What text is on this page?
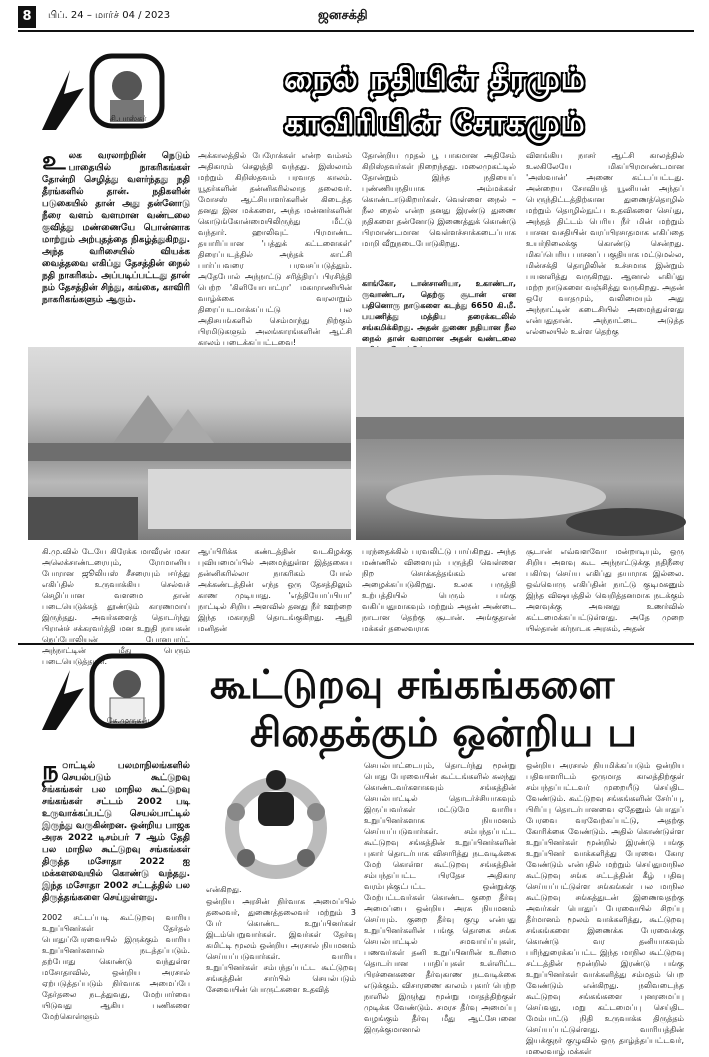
8	பிப். 24 – மார்ச் 04 / 2023	ஜனசக்தி
சி.பாஸ்கர்
நைல் நதியின் தீரமும்
காவிரியின் சோகமும்
உலக வரலாற்றின் நெடும் பாதையில் நாகரிகங்கள் தோன்றி செழித்து வளர்ந்தது நதி தீரங்களில் தான். நதிகளின் படுகையில் தான் அது தன்னோடு நீரை வளம் வளமான வண்டலை குவித்து மண்ணையே பொன்னாக மாற்றும் அற்புதத்தை நிகழ்த்துகிறது. அந்த வரிசையில் வியக்க வைத்தவை எகிப்து தேசத்தின் நைல் நதி நாகரிகம். அப்படிப்பட்டது தான் நம் தேசத்தின் சிந்து, கங்கை, காவிரி நாகரிகங்களும் ஆகும்.
அக்காலத்தில் பேரோக்கள் என்ற வம்சம் அதிகாரம் செலுத்தி வந்தது. இஸ்லாம் மற்றும் கிறிஸ்தவம் பரவாத காலம். யூதர்களின் தன்னிகரில்லாத தலைவர். மோசஸ் ஆட்சியாளர்களின் கிடைத்த தனது இன மக்களை, அந்த மன்னர்களின் கொடுங்கோன்மையிலிருந்து மீட்டு வந்தார். ஹாலிவுட் பிரமாண்ட தயாரிப்பான 'பத்துக் கட்டளைகள்' திரைப்படத்தில் அந்தக் காட்சி பார்ப்பவரை பரவசப்படுத்தும். அதேபோல் அந்நாட்டு சரித்திரப் பிரசித்தி பெற்ற 'கிளியோபாட்ரா' மகாராணியின் வாழ்க்கை வரலாறும் திரைப்படமாக்கப்பட்டு பல அதிசயங்களில் செம்மாந்து நிற்கும் பிரமிடுகளும் அலங்காரங்களின் ஆட்சி காலம் படைக்கப்பட்டவை!
தோன்றிய முதல் பூ பாகமான அதிசேம் கிறிஸ்தவர்கள் நிறைந்தது. மலைமுகட்டில் தோன்றும் இந்த நதியைப் புண்ணியநதியாக அம்மக்கள் கொண்டாடுகிறார்கள். வெள்ளை நைல் – நீல நைல் என்ற தனது இரண்டு துணை நதிகளை தன்னோடு இணைத்துக் கொண்டு பிரமாண்டமான வெள்ளச்சாக்கடைப்பாக மாறி வீறுநடைபோடுகிறது.
காங்கோ, டான்சானியா, உகாண்டா, ருவாண்டா, தெற்கு சூடான் என பதினொரு நாடுகளை கடந்து 6650 கி.மீ. பயணித்து மத்திய தரைக்கடலில் சங்கமிக்கிறது. அதன் துணை நதியான நீல நைல் தான் வளமான அதன் வண்டலை
விளங்கிய நாசர் ஆட்சி காலத்தில் உலகிலேயே மிகப்பிரமாண்டமான 'அஸ்வான்' அணை கட்டப்பட்டது. அன்றைய சோவியத் யூனியன் அந்தப் பெருந்திட்டத்திற்கான துணைத்தொழில் மற்றும் தொழில்நுட்ப உதவிகளை செய்து, அந்தத் திட்டம் பெரிய நீர் மின் மற்றும் பாசன வசதியின் வரப்பிரசாதமாக எகிப்தை உயர்நிலைக்கு கொண்டு சென்றது. மிகப்பெரிய பாசனப் பகுதியாக மட்டுமல்ல, மின்சக்தி தொழிலின் உச்சமாக இன்றும் பயனளித்து வருகிறது. ஆனால் எகிப்து மற்ற நாடுகளை வஞ்சித்து வருகிறது. அதன் ஒரே வாதமும், வலிமையும் அது அந்நாட்டின் கடைசியில் அமைந்துள்ளது என்பதுதான். அந்நாட்டை அடுத்த எல்லையில் உள்ள தெற்கு
கி.மு.வில் டேயே கிரேக்க மாவீரன் மகா அலெக்சாண்டரையும், ரோமானிய போரான ஜூலியஸ் சீசரையும் ஈர்த்து எகிப்தில் உருவாக்கிய செல்வச் செழிப்பான வளமை தான் படையெடுக்கத் தூண்டும் காரணமாய் இருந்தது. அவர்களைத் தொடர்ந்து பிரான்ச் சக்கரவர்த்தி மன உறுதி நாயகன் நெப்போலியன் போனபார்ட் அந்நாட்டின் மீது பெரும் படையெடுத்தான்.
ஆப்பிரிக்க கண்டத்தின் வடகிழக்கு புவியமைப்பில் அமைந்துள்ள இத்தகைய தன்னிகரில்லா நாகரிகம் போல் அக்கண்டத்தின் எந்த ஒரு தேசத்திலும் காண முடியாது. 'எத்தியோப்பியா' நாட்டில் சிறிய அளவில் தனது நீர் ஊற்றை இந்த மகாநதி தொடங்குகிறது. ஆதி மனிதன்
பரந்தைக்கில் பரவலிட்டு பாய்கிறது. அந்த மண்ணில் விளையும் பருத்தி வெள்ளை நிற சொக்கத்தங்கம் என அழைக்கப்படுகிறது. உலக பருத்தி உற்பத்தியில் பெரும் பங்கு வகிப்பதுமாகவும் மற்றும் அதன் அண்டை நாடான தெற்கு சூடான். அங்குதான் மக்கள் தலைவராக
சூடான் எவ்வளவோ மன்றாடியும், ஒரு சிறிய அளவு கூட அந்நாட்டுக்கு நதிநீரை பகிர்வு செய்ய எகிப்து தயாராக இல்லை. ஒவ்வொரு எகிப்தின் நாட்டு குடிமகனும் இந்த விஷயத்தில் வெறித்தனமாக நடக்கும் அளவுக்கு அவனது உணர்வில் கட்டமைக்கப்பட்டுள்ளது. அதே முறை யில்தான் கர்நாடக அரசும், அதன்
கே.முருகன்
கூட்டுறவு சங்கங்களை
சிதைக்கும் ஒன்றிய ப
ந ாட்டில் பலமாநிலங்களில் செயல்படும் கூட்டுறவு சங்கங்கள் பல மாநில கூட்டுறவு சங்கங்கள் சட்டம் 2002 படி உருவாக்கப்பட்டு செயல்பாட்டில் இருந்து வருகின்றன. ஒன்றிய பாஜக அரசு 2022 டிசம்பர் 7 ஆம் தேதி பல மாநில கூட்டுறவு சங்கங்கள் திருத்த மசோதா 2022 ஐ மக்களவையில் கொண்டு வந்தது. இந்த மசோதா 2002 சட்டத்தில் பல திருத்தங்களை செய்துள்ளது.
2002 சட்டப்படி கூட்டுறவு வாரிய உறுப்பினர்கள் தேர்தல் பொதுப்பேரவையில் இருக்கும் வாரிய உறுப்பினர்களால் நடத்தப்படும். தற்போது கொண்டு வந்துள்ள மசோதாவில், ஒன்றிய அரசால் ஏற்படுத்தப்படும் நிர்வாக அமைப்பே தேர்தலை நடத்துவது, மேற்பார்வை யிடுவது ஆகிய பணிகளை மேற்கொள்ளும்
என்கிறது.
ஒன்றிய அரசின் நிர்வாக அமைப்பில் தலைவர், துணைத்தலைவர் மற்றும் 3 பேர் கொண்ட உறுப்பினர்கள் இடம்பெறுவார்கள். இவர்கள் தேர்வு கமிட்டி மூலம் ஒன்றிய அரசால் நியமனம் செய்யப்படுவார்கள். வாரிய உறுப்பினர்கள் சம்பந்தப்பட்ட கூட்டுறவு சங்கத்தின் சார்பில் செயல்படும் சேவையின் பொருட்களை உதவித்
செயல்பாட்டையும், தொடர்ந்து மூன்று பொது பேரவையின் கூட்டங்களில் கலந்து கொண்டவர்களாகவும் சங்கத்தின் செயல்பாட்டில் தொடர்ச்சியாகவும் இருப்பவர்கள் மட்டுமே வாரிய உறுப்பினர்களாக நியமனம் செய்யப்படுவார்கள். சம்பந்தப்பட்ட கூட்டுறவு சங்கத்தின் உறுப்பினர்களின் புகார் தொடர்பாக விசாரித்து நடவடிக்கை மேற் கொள்ள கூட்டுறவு சங்கத்தின் சம்பந்தப்பட்ட பிரதேச அதிகார வரம்புக்குட்பட்ட ஒன்றுக்கு மேற்பட்டவர்கள் கொண்ட குறை தீர்வு அமைப்பை ஒன்றிய அரசு நியமனம் செய்யும். குறை தீர்வு குழு என்பது உறுப்பினர்களின் பங்கு தொகை சங்க செயல்பாட்டில் சமவாய்ப்புகள், பணவர்கள் தனி உறுப்பினரின் உரிமை தொடர்பான பாதிப்புகள் உள்ளிட்ட பிரச்னைகளை தீர்வுகாண நடவடிக்கை எடுக்கும். விசாரணை காலம் புகார் பெற்ற நாளில் இருந்து மூன்று மாதத்திற்குள் முடிக்க வேண்டும். சமரச தீர்வு அமைப்பு வழங்கும் தீர்வு மீது ஆட்சேபனை இருக்குமானால்
ஒன்றிய அரசால் நியமிக்கப்படும் ஒன்றிய பதிவாளரிடம் ஒருமாத காலத்திற்குள் சம்பந்தப்பட்டவர் முறையீடு செய்திட வேண்டும். கூட்டுறவு சங்கங்களின் சேர்ப்பு, பிரிப்பு தொடர்பானவை ஏதேனும் பொதுப் பேரவை வரவேற்கப்பட்டு, அதற்கு கோரிக்கை வேண்டும். அதில் கொண்டுள்ள உறுப்பினர்கள் மூன்றில் இரண்டு பங்கு உறுப்பினர் வாக்களித்து பேரவை கோர வேண்டும் என்பதில் மற்றும் செய்துமாநில கூட்டுறவு சங்க சட்டத்தின் கீழ் பதிவு செய்யப்பட்டுள்ள சங்கங்கள் பல மாநில கூட்டுறவு சங்கத்துடன் இணைவதற்கு அவர்கள் பொதுப் பேரவையில் சிறப்பு தீர்மானம் மூலம் வாக்களித்து, கூட்டுறவு சங்கங்களை இணைக்க பேரவைக்கு கொண்டு வர தனியாகவும் பரிந்துரைக்கப்பட்ட இந்த மாநில கூட்டுறவு சட்டத்தின் மூன்றில் இரண்டு பங்கு உறுப்பினர்கள் வாக்களித்து சம்மதம் பெற வேண்டும் என்கிறது. நலிவடைந்த கூட்டுறவு சங்கங்களை புனரமைப்பு செய்வது, மறு கட்டமைப்பு செய்திட மேம்பாட்டு நிதி உருவாக்க திருத்தம் செய்யப்பட்டுள்ளது. வாரியத்தின் இயக்குநர் குழுவில் ஒரு தாழ்த்தப்பட்டவர், மலைவாழ் மக்கள்
